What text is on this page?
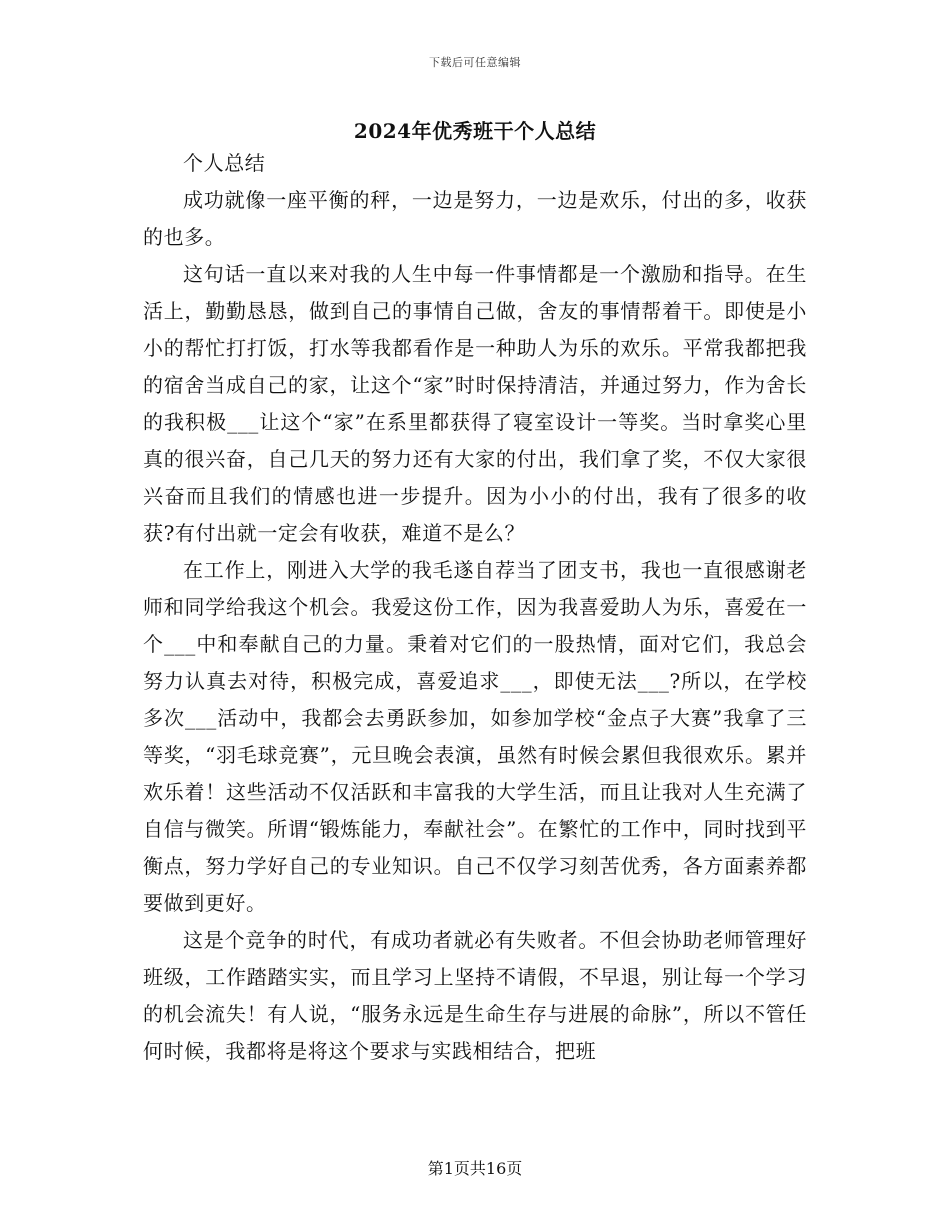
下载后可任意编辑
2024年优秀班干个人总结

个人总结

成功就像一座平衡的秤，一边是努力，一边是欢乐，付出的多，收获的也多。

这句话一直以来对我的人生中每一件事情都是一个激励和指导。在生活上，勤勤恳恳，做到自己的事情自己做，舍友的事情帮着干。即使是小小的帮忙打打饭，打水等我都看作是一种助人为乐的欢乐。平常我都把我的宿舍当成自己的家，让这个“家”时时保持清洁，并通过努力，作为舍长的我积极___让这个“家”在系里都获得了寝室设计一等奖。当时拿奖心里真的很兴奋，自己几天的努力还有大家的付出，我们拿了奖，不仅大家很兴奋而且我们的情感也进一步提升。因为小小的付出，我有了很多的收获?有付出就一定会有收获，难道不是么？

在工作上，刚进入大学的我毛遂自荐当了团支书，我也一直很感谢老师和同学给我这个机会。我爱这份工作，因为我喜爱助人为乐，喜爱在一个___中和奉献自己的力量。秉着对它们的一股热情，面对它们，我总会努力认真去对待，积极完成，喜爱追求___，即使无法___?所以，在学校多次___活动中，我都会去勇跃参加，如参加学校“金点子大赛”我拿了三等奖，“羽毛球竞赛”，元旦晚会表演，虽然有时候会累但我很欢乐。累并欢乐着！这些活动不仅活跃和丰富我的大学生活，而且让我对人生充满了自信与微笑。所谓“锻炼能力，奉献社会”。在繁忙的工作中，同时找到平衡点，努力学好自己的专业知识。自己不仅学习刻苦优秀，各方面素养都要做到更好。

这是个竞争的时代，有成功者就必有失败者。不但会协助老师管理好班级，工作踏踏实实，而且学习上坚持不请假，不早退，别让每一个学习的机会流失！有人说，“服务永远是生命生存与进展的命脉”，所以不管任何时候，我都将是将这个要求与实践相结合，把班

第1页共16页
